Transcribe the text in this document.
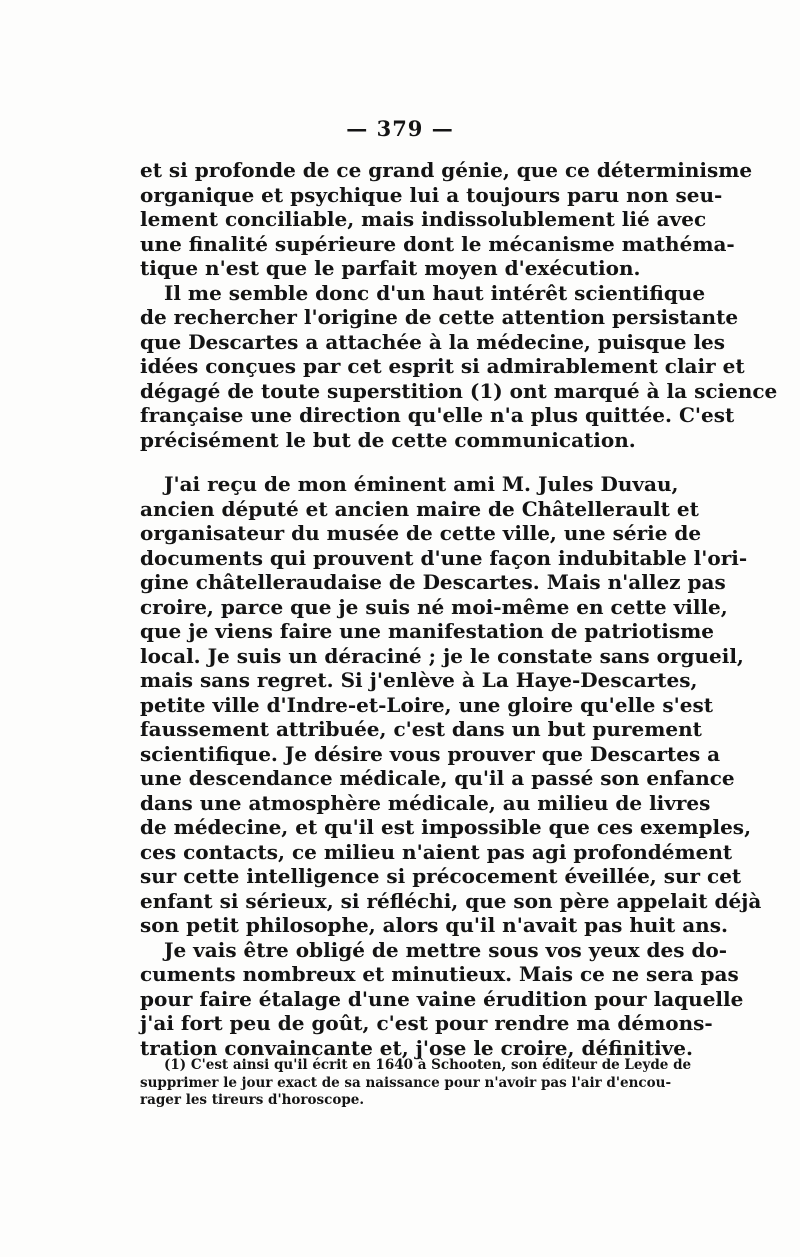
— 379 —
et si profonde de ce grand génie, que ce déterminisme
organique et psychique lui a toujours paru non seu-
lement conciliable, mais indissolublement lié avec
une finalité supérieure dont le mécanisme mathéma-
tique n'est que le parfait moyen d'exécution.
Il me semble donc d'un haut intérêt scientifique
de rechercher l'origine de cette attention persistante
que Descartes a attachée à la médecine, puisque les
idées conçues par cet esprit si admirablement clair et
dégagé de toute superstition (1) ont marqué à la science
française une direction qu'elle n'a plus quittée. C'est
précisément le but de cette communication.
J'ai reçu de mon éminent ami M. Jules Duvau,
ancien député et ancien maire de Châtellerault et
organisateur du musée de cette ville, une série de
documents qui prouvent d'une façon indubitable l'ori-
gine châtelleraudaise de Descartes. Mais n'allez pas
croire, parce que je suis né moi-même en cette ville,
que je viens faire une manifestation de patriotisme
local. Je suis un déraciné ; je le constate sans orgueil,
mais sans regret. Si j'enlève à La Haye-Descartes,
petite ville d'Indre-et-Loire, une gloire qu'elle s'est
faussement attribuée, c'est dans un but purement
scientifique. Je désire vous prouver que Descartes a
une descendance médicale, qu'il a passé son enfance
dans une atmosphère médicale, au milieu de livres
de médecine, et qu'il est impossible que ces exemples,
ces contacts, ce milieu n'aient pas agi profondément
sur cette intelligence si précocement éveillée, sur cet
enfant si sérieux, si réfléchi, que son père appelait déjà
son petit philosophe, alors qu'il n'avait pas huit ans.
Je vais être obligé de mettre sous vos yeux des do-
cuments nombreux et minutieux. Mais ce ne sera pas
pour faire étalage d'une vaine érudition pour laquelle
j'ai fort peu de goût, c'est pour rendre ma démons-
tration convaincante et, j'ose le croire, définitive.
(1) C'est ainsi qu'il écrit en 1640 à Schooten, son éditeur de Leyde de
supprimer le jour exact de sa naissance pour n'avoir pas l'air d'encou-
rager les tireurs d'horoscope.
